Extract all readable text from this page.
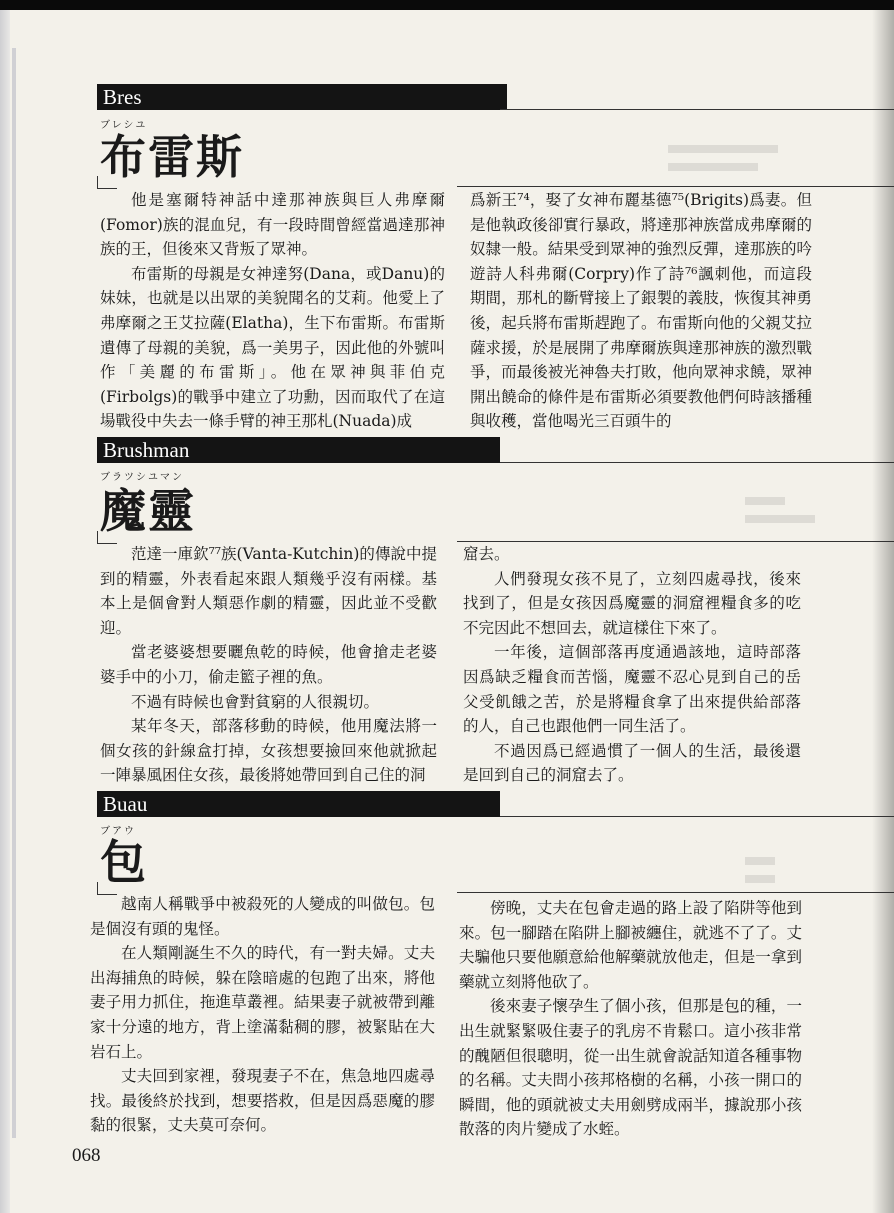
Bres
ブレシユ
布雷斯

他是塞爾特神話中達那神族與巨人弗摩爾(Fomor)族的混血兒，有一段時間曾經當過達那神族的王，但後來又背叛了眾神。

布雷斯的母親是女神達努(Dana，或Danu)的妹妹，也就是以出眾的美貌聞名的艾莉。他愛上了弗摩爾之王艾拉薩(Elatha)，生下布雷斯。布雷斯遺傳了母親的美貌，爲一美男子，因此他的外號叫作「美麗的布雷斯」。他在眾神與菲伯克(Firbolgs)的戰爭中建立了功勳，因而取代了在這場戰役中失去一條手臂的神王那札(Nuada)成

爲新王⁷⁴，娶了女神布麗基德⁷⁵(Brigits)爲妻。但是他執政後卻實行暴政，將達那神族當成弗摩爾的奴隸一般。結果受到眾神的強烈反彈，達那族的吟遊詩人科弗爾(Corpry)作了詩⁷⁶諷刺他，而這段期間，那札的斷臂接上了銀製的義肢，恢復其神勇後，起兵將布雷斯趕跑了。布雷斯向他的父親艾拉薩求援，於是展開了弗摩爾族與達那神族的激烈戰爭，而最後被光神魯夫打敗，他向眾神求饒，眾神開出饒命的條件是布雷斯必須要教他們何時該播種與收穫，當他喝光三百頭牛的

Brushman
ブラツシユマン
魔靈

范達一庫欽⁷⁷族(Vanta-Kutchin)的傳說中提到的精靈，外表看起來跟人類幾乎沒有兩樣。基本上是個會對人類惡作劇的精靈，因此並不受歡迎。

當老婆婆想要曬魚乾的時候，他會搶走老婆婆手中的小刀，偷走籃子裡的魚。

不過有時候也會對貧窮的人很親切。

某年冬天，部落移動的時候，他用魔法將一個女孩的針線盒打掉，女孩想要撿回來他就掀起一陣暴風困住女孩，最後將她帶回到自己住的洞

窟去。

人們發現女孩不見了，立刻四處尋找，後來找到了，但是女孩因爲魔靈的洞窟裡糧食多的吃不完因此不想回去，就這樣住下來了。

一年後，這個部落再度通過該地，這時部落因爲缺乏糧食而苦惱，魔靈不忍心見到自己的岳父受飢餓之苦，於是將糧食拿了出來提供給部落的人，自己也跟他們一同生活了。

不過因爲已經過慣了一個人的生活，最後還是回到自己的洞窟去了。

Buau
ブアウ
包

越南人稱戰爭中被殺死的人變成的叫做包。包是個沒有頭的鬼怪。

在人類剛誕生不久的時代，有一對夫婦。丈夫出海捕魚的時候，躲在陰暗處的包跑了出來，將他妻子用力抓住，拖進草叢裡。結果妻子就被帶到離家十分遠的地方，背上塗滿黏稠的膠，被緊貼在大岩石上。

丈夫回到家裡，發現妻子不在，焦急地四處尋找。最後終於找到，想要搭救，但是因爲惡魔的膠黏的很緊，丈夫莫可奈何。

傍晚，丈夫在包會走過的路上設了陷阱等他到來。包一腳踏在陷阱上腳被纏住，就逃不了了。丈夫騙他只要他願意給他解藥就放他走，但是一拿到藥就立刻將他砍了。

後來妻子懷孕生了個小孩，但那是包的種，一出生就緊緊吸住妻子的乳房不肯鬆口。這小孩非常的醜陋但很聰明，從一出生就會說話知道各種事物的名稱。丈夫問小孩邦格樹的名稱，小孩一開口的瞬間，他的頭就被丈夫用劍劈成兩半，據說那小孩散落的肉片變成了水蛭。

068
